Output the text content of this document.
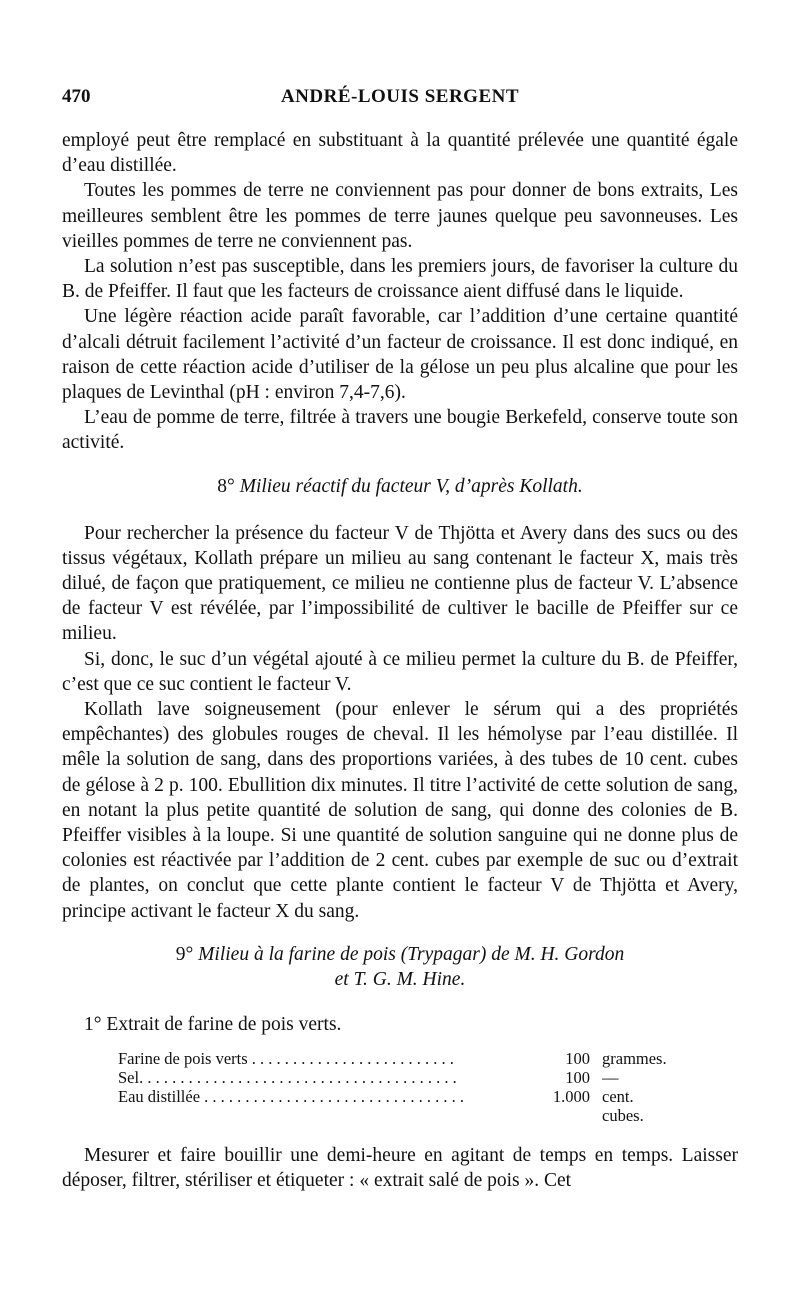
470	ANDRÉ-LOUIS SERGENT

employé peut être remplacé en substituant à la quantité prélevée une quantité égale d’eau distillée.

Toutes les pommes de terre ne conviennent pas pour donner de bons extraits, Les meilleures semblent être les pommes de terre jaunes quelque peu savonneuses. Les vieilles pommes de terre ne conviennent pas.

La solution n’est pas susceptible, dans les premiers jours, de favoriser la culture du B. de Pfeiffer. Il faut que les facteurs de croissance aient diffusé dans le liquide.

Une légère réaction acide paraît favorable, car l’addition d’une certaine quantité d’alcali détruit facilement l’activité d’un facteur de croissance. Il est donc indiqué, en raison de cette réaction acide d’utiliser de la gélose un peu plus alcaline que pour les plaques de Levinthal (pH : environ 7,4-7,6).

L’eau de pomme de terre, filtrée à travers une bougie Berkefeld, conserve toute son activité.

8° Milieu réactif du facteur V, d’après Kollath.

Pour rechercher la présence du facteur V de Thjötta et Avery dans des sucs ou des tissus végétaux, Kollath prépare un milieu au sang contenant le facteur X, mais très dilué, de façon que pratiquement, ce milieu ne contienne plus de facteur V. L’absence de facteur V est révélée, par l’impossibilité de cultiver le bacille de Pfeiffer sur ce milieu.

Si, donc, le suc d’un végétal ajouté à ce milieu permet la culture du B. de Pfeiffer, c’est que ce suc contient le facteur V.

Kollath lave soigneusement (pour enlever le sérum qui a des propriétés empêchantes) des globules rouges de cheval. Il les hémolyse par l’eau distillée. Il mêle la solution de sang, dans des proportions variées, à des tubes de 10 cent. cubes de gélose à 2 p. 100. Ebullition dix minutes. Il titre l’activité de cette solution de sang, en notant la plus petite quantité de solution de sang, qui donne des colonies de B. Pfeiffer visibles à la loupe. Si une quantité de solution sanguine qui ne donne plus de colonies est réactivée par l’addition de 2 cent. cubes par exemple de suc ou d’extrait de plantes, on conclut que cette plante contient le facteur V de Thjötta et Avery, principe activant le facteur X du sang.

9° Milieu à la farine de pois (Trypagar) de M. H. Gordon
et T. G. M. Hine.

1° Extrait de farine de pois verts.

Farine de pois verts . . . . . . . . . . . . . . . . . . . . . . . . .	100	grammes.
Sel. . . . . . . . . . . . . . . . . . . . . . . . . . . . . . . . . . . . . . .	100	—
Eau distillée . . . . . . . . . . . . . . . . . . . . . . . . . . . . . . . .	1.000	cent. cubes.

Mesurer et faire bouillir une demi-heure en agitant de temps en temps. Laisser déposer, filtrer, stériliser et étiqueter : « extrait salé de pois ». Cet
